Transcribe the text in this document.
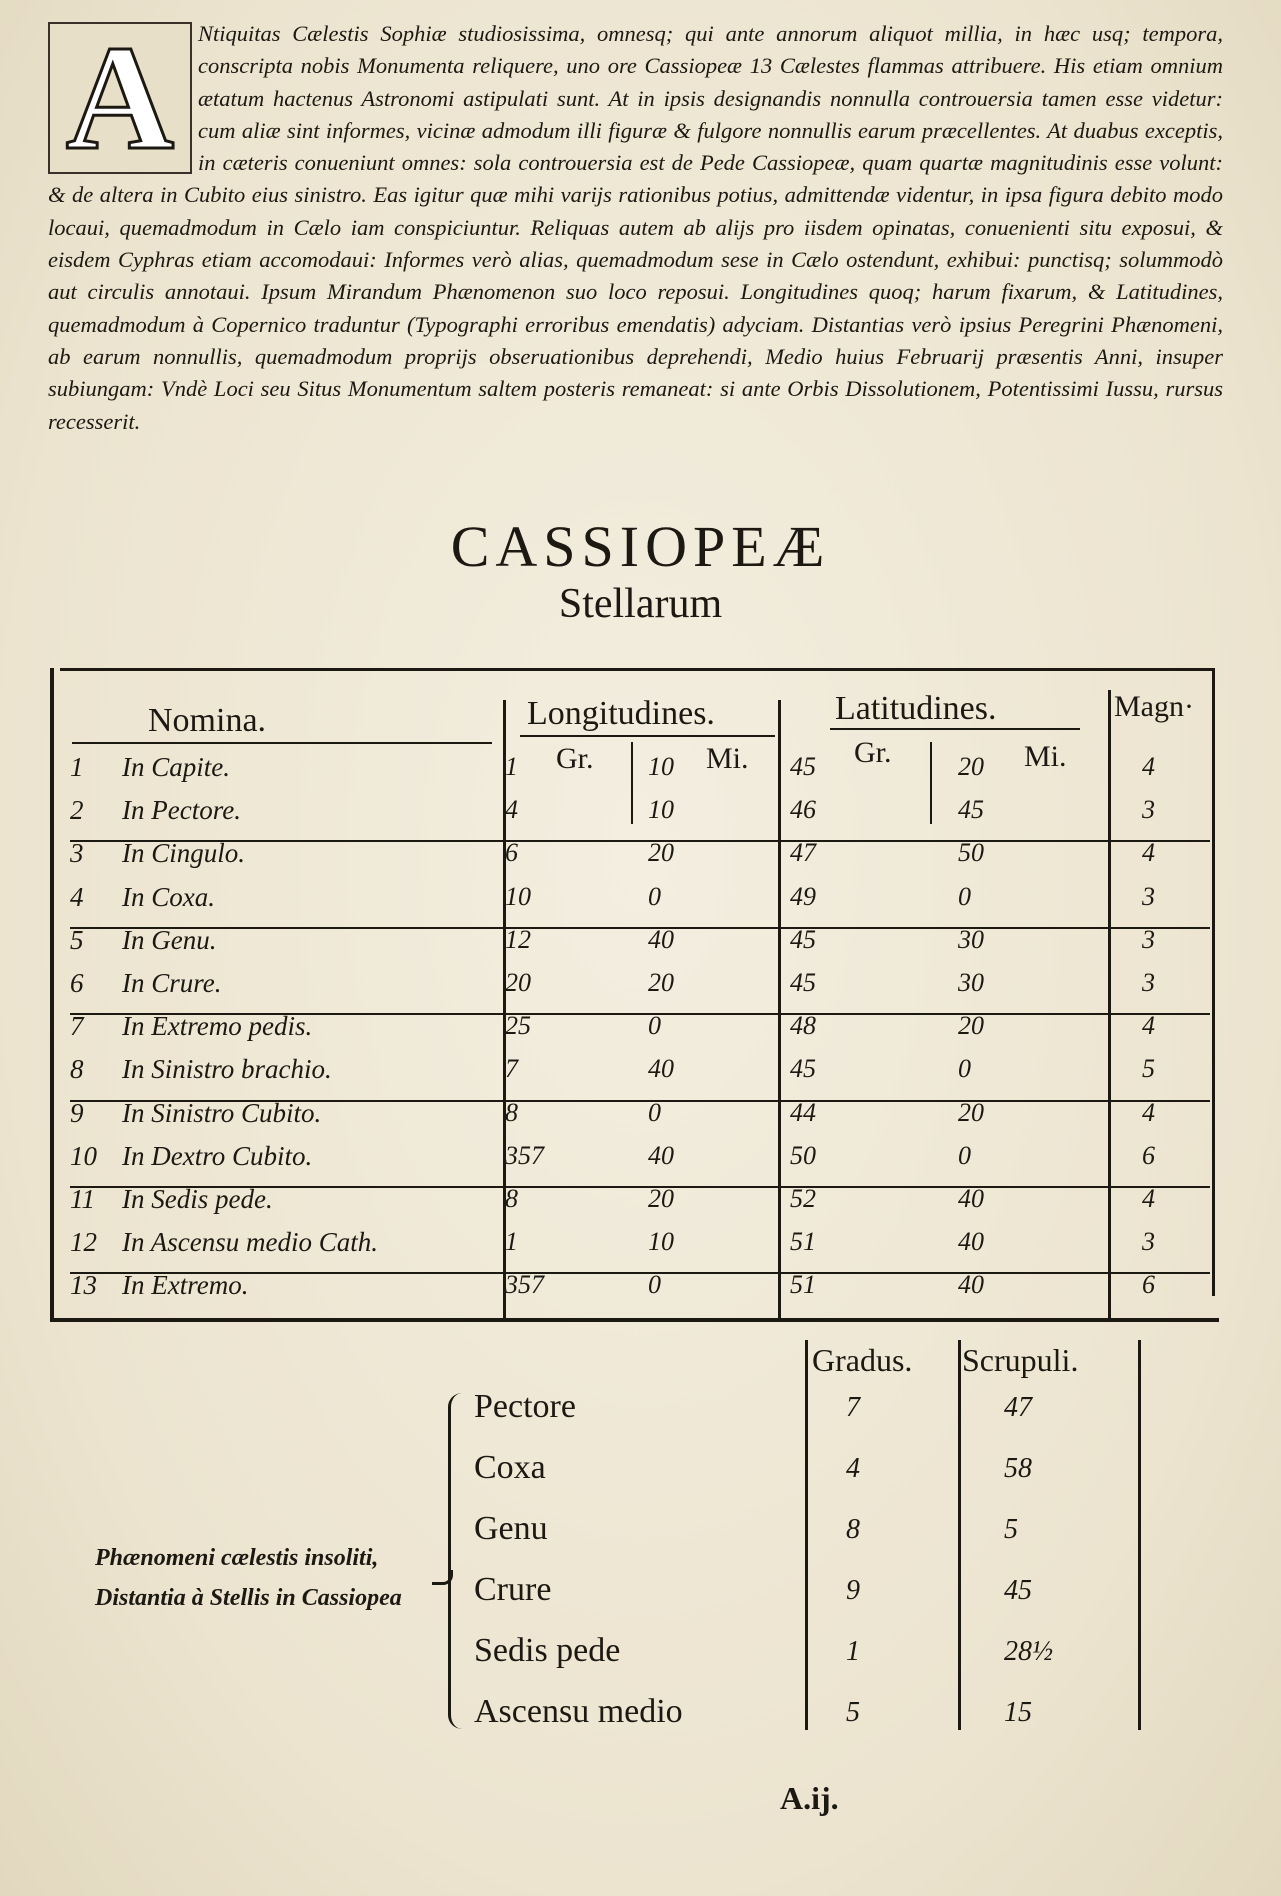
Ntiquitas Cælestis Sophiæ studiosissima, omnesq; qui ante annorum aliquot millia, in hæc usq; tempora, conscripta nobis Monumenta reliquere, uno ore Cassiopeæ 13 Cælestes flammas attribuere. His etiam omnium ætatum hactenus Astronomi astipulati sunt. At in ipsis designandis nonnulla controuersia tamen esse videtur: cum aliæ sint informes, vicinæ admodum illi figuræ & fulgore nonnullis earum præcellentes. At duabus exceptis, in cæteris conueniunt omnes: sola controuersia est de Pede Cassiopeæ, quam quartæ magnitudinis esse volunt: & de altera in Cubito eius sinistro. Eas igitur quæ mihi varijs rationibus potius, admittendæ videntur, in ipsa figura debito modo locaui, quemadmodum in Cælo iam conspiciuntur. Reliquas autem ab alijs pro iisdem opinatas, conuenienti situ exposui, & eisdem Cyphras etiam accomodaui: Informes verò alias, quemadmodum sese in Cælo ostendunt, exhibui: punctisq; solummodò aut circulis annotaui. Ipsum Mirandum Phænomenon suo loco reposui. Longitudines quoq; harum fixarum, & Latitudines, quemadmodum à Copernico traduntur (Typographi erroribus emendatis) adyciam. Distantias verò ipsius Peregrini Phænomeni, ab earum nonnullis, quemadmodum proprijs obseruationibus deprehendi, Medio huius Februarij præsentis Anni, insuper subiungam: Vndè Loci seu Situs Monumentum saltem posteris remaneat: si ante Orbis Dissolutionem, Potentissimi Iussu, rursus recesserit.

A
CASSIOPEÆ
Stellarum
Nomina.	Longitudines.	Latitudines.	Magn·
Gr.	Mi.	Gr.	Mi.
1 In Capite.	1	10	45	20	4
2 In Pectore.	4	10	46	45	3
3 In Cingulo.	6	20	47	50	4
4 In Coxa.	10	0	49	0	3
5 In Genu.	12	40	45	30	3
6 In Crure.	20	20	45	30	3
7 In Extremo pedis.	25	0	48	20	4
8 In Sinistro brachio.	7	40	45	0	5
9 In Sinistro Cubito.	8	0	44	20	4
10 In Dextro Cubito.	357	40	50	0	6
11 In Sedis pede.	8	20	52	40	4
12 In Ascensu medio Cath.	1	10	51	40	3
13 In Extremo.	357	0	51	40	6

Phænomeni cælestis insoliti, Distantia à Stellis in Cassiopea

Gradus. Scrupuli.
Pectore	7	47
Coxa	4	58
Genu	8	5
Crure	9	45
Sedis pede	1	28½
Ascensu medio	5	15

A.ij.
